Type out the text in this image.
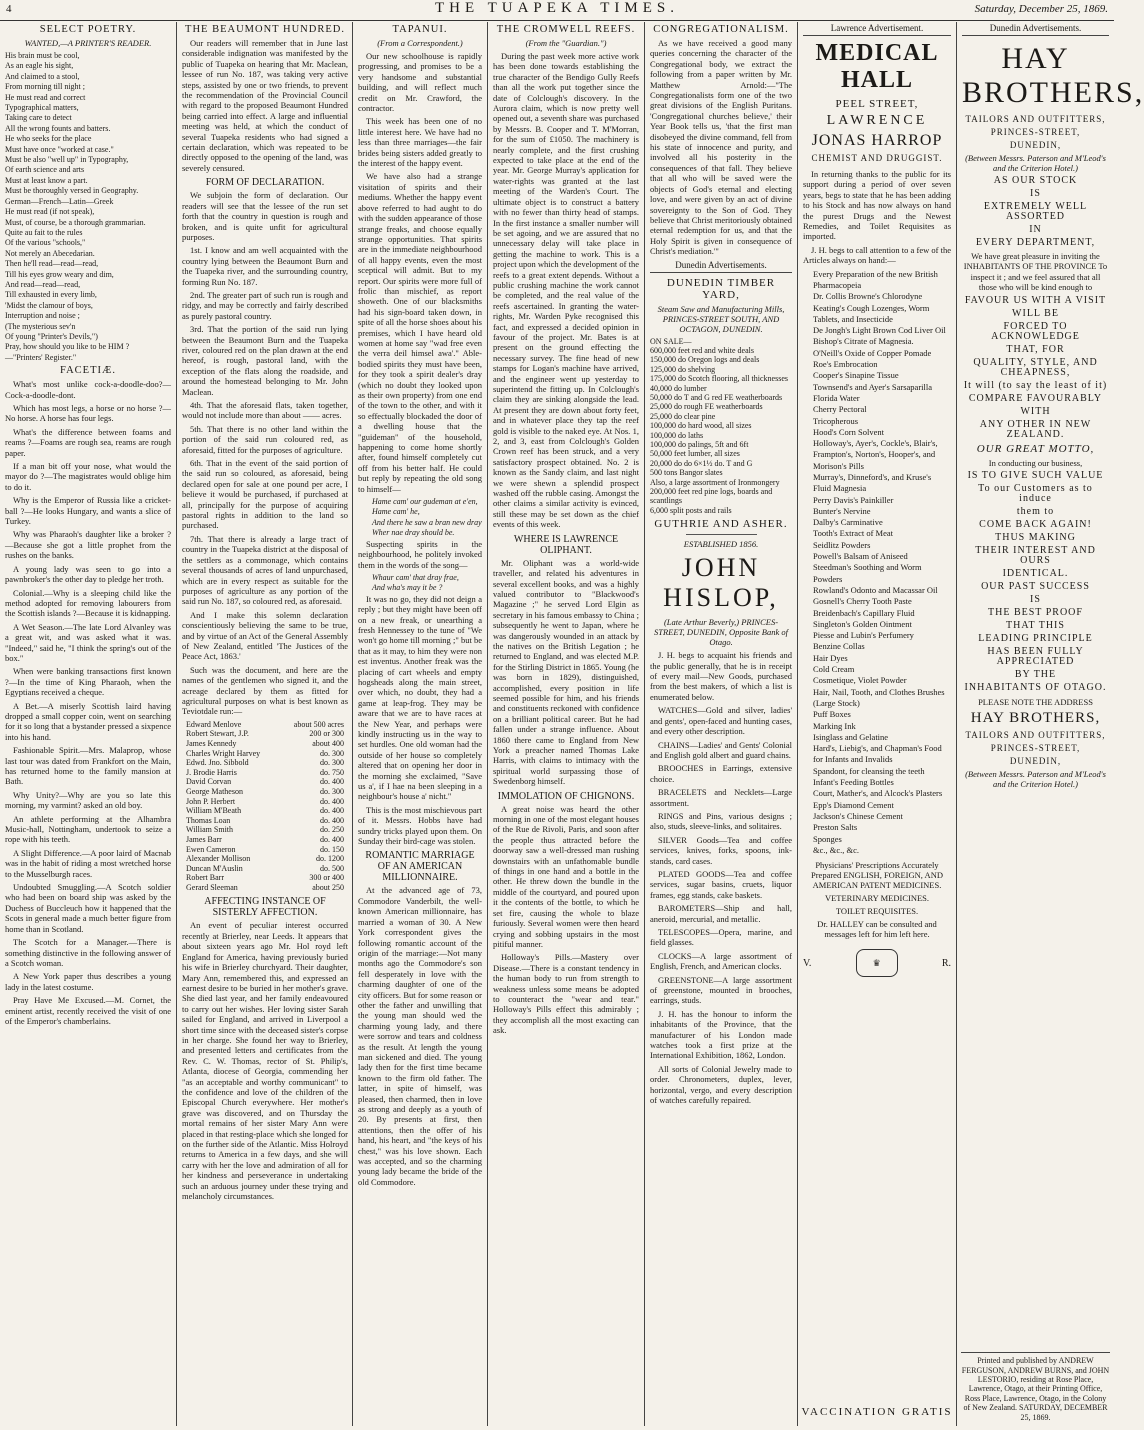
4	THE TUAPEKA TIMES.	Saturday, December 25, 1869.
SELECT POETRY.
WANTED,—A PRINTER'S READER.
His brain must be cool,
As an eagle his sight,
And claimed to a stool,
From morning till night ;
He must read and correct
Typographical matters,
Taking care to detect
All the wrong founts and batters.
He who seeks for the place
Must have once "worked at case."
Must be also "well up" in Typography,
Of earth science and arts
Must at least know a part.
Must be thoroughly versed in Geography.
German—French—Latin—Greek
He must read (if not speak),
Must, of course, be a thorough grammarian.
Quite au fait to the rules
Of the various "schools,"
Not merely an Abecedarian.
Then he'll read—read—read,
Till his eyes grow weary and dim,
And read—read—read,
Till exhausted in every limb,
'Midst the clamour of boys,
Interruption and noise ;
(The mysterious sev'n
Of young "Printer's Devils,")
Pray, how should you like to be HIM ?
—"Printers' Register."
FACETIÆ.

What's most unlike cock-a-doodle-doo?—Cock-a-doodle-dont.

Which has most legs, a horse or no horse ?—No horse. A horse has four legs.

What's the difference between foams and reams ?—Foams are rough sea, reams are rough paper.

If a man bit off your nose, what would the mayor do ?—The magistrates would oblige him to do it.

Why is the Emperor of Russia like a cricket-ball ?—He looks Hungary, and wants a slice of Turkey.

Why was Pharaoh's daughter like a broker ?—Because she got a little prophet from the rushes on the banks.

A young lady was seen to go into a pawnbroker's the other day to pledge her troth.

Colonial.—Why is a sleeping child like the method adopted for removing labourers from the Scottish islands ?—Because it is kidnapping.

A Wet Season.—The late Lord Alvanley was a great wit, and was asked what it was. "Indeed," said he, "I think the spring's out of the box."

When were banking transactions first known ?—In the time of King Pharaoh, when the Egyptians received a cheque.

A Bet.—A miserly Scottish laird having dropped a small copper coin, went on searching for it so long that a bystander pressed a sixpence into his hand.

Fashionable Spirit.—Mrs. Malaprop, whose last tour was dated from Frankfort on the Main, has returned home to the family mansion at Bath.

Why Unity?—Why are you so late this morning, my varmint? asked an old boy.

An athlete performing at the Alhambra Music-hall, Nottingham, undertook to seize a rope with his teeth.

A Slight Difference.—A poor laird of Macnab was in the habit of riding a most wretched horse to the Musselburgh races.

Undoubted Smuggling.—A Scotch soldier who had been on board ship was asked by the Duchess of Buccleuch how it happened that the Scots in general made a much better figure from home than in Scotland.

The Scotch for a Manager.—There is something distinctive in the following answer of a Scotch woman.

A New York paper thus describes a young lady in the latest costume.

Pray Have Me Excused.—M. Cornet, the eminent artist, recently received the visit of one of the Emperor's chamberlains.

THE BEAUMONT HUNDRED.

Our readers will remember that in June last considerable indignation was manifested by the public of Tuapeka on hearing that Mr. Maclean, lessee of run No. 187, was taking very active steps, assisted by one or two friends, to prevent the recommendation of the Provincial Council with regard to the proposed Beaumont Hundred being carried into effect. A large and influential meeting was held, at which the conduct of several Tuapeka residents who had signed a certain declaration, which was repeated to be directly opposed to the opening of the land, was severely censured.

FORM OF DECLARATION.

We subjoin the form of declaration. Our readers will see that the lessee of the run set forth that the country in question is rough and broken, and is quite unfit for agricultural purposes.

1st. I know and am well acquainted with the country lying between the Beaumont Burn and the Tuapeka river, and the surrounding country, forming Run No. 187.

2nd. The greater part of such run is rough and ridgy, and may be correctly and fairly described as purely pastoral country.

3rd. That the portion of the said run lying between the Beaumont Burn and the Tuapeka river, coloured red on the plan drawn at the end hereof, is rough, pastoral land, with the exception of the flats along the roadside, and around the homestead belonging to Mr. John Maclean.

4th. That the aforesaid flats, taken together, would not include more than about —— acres.

5th. That there is no other land within the portion of the said run coloured red, as aforesaid, fitted for the purposes of agriculture.

6th. That in the event of the said portion of the said run so coloured, as aforesaid, being declared open for sale at one pound per acre, I believe it would be purchased, if purchased at all, principally for the purpose of acquiring pastoral rights in addition to the land so purchased.

7th. That there is already a large tract of country in the Tuapeka district at the disposal of the settlers as a commonage, which contains several thousands of acres of land unpurchased, which are in every respect as suitable for the purposes of agriculture as any portion of the said run No. 187, so coloured red, as aforesaid.

And I make this solemn declaration conscientiously believing the same to be true, and by virtue of an Act of the General Assembly of New Zealand, entitled 'The Justices of the Peace Act, 1863.'

Such was the document, and here are the names of the gentlemen who signed it, and the acreage declared by them as fitted for agricultural purposes on what is best known as Teviotdale run:—

Edward Menlove	about 500 acres
Robert Stewart, J.P.	200 or 300
James Kennedy	about 400
Charles Wright Harvey	do. 300
Edwd. Jno. Sibbold	do. 300
J. Brodie Harris	do. 750
David Corvan	do. 400
George Matheson	do. 300
John P. Herbert	do. 400
William M'Beath	do. 400
Thomas Loan	do. 400
William Smith	do. 250
James Barr	do. 400
Ewen Cameron	do. 150
Alexander Mollison	do. 1200
Duncan M'Auslin	do. 500
Robert Barr	300 or 400
Gerard Sleeman	about 250
AFFECTING INSTANCE OF SISTERLY AFFECTION.

An event of peculiar interest occurred recently at Brierley, near Leeds. It appears that about sixteen years ago Mr. Hol royd left England for America, having previously buried his wife in Brierley churchyard. Their daughter, Mary Ann, remembered this, and expressed an earnest desire to be buried in her mother's grave. She died last year, and her family endeavoured to carry out her wishes. Her loving sister Sarah sailed for England, and arrived in Liverpool a short time since with the deceased sister's corpse in her charge. She found her way to Brierley, and presented letters and certificates from the Rev. C. W. Thomas, rector of St. Philip's, Atlanta, diocese of Georgia, commending her "as an acceptable and worthy communicant" to the confidence and love of the children of the Episcopal Church everywhere. Her mother's grave was discovered, and on Thursday the mortal remains of her sister Mary Ann were placed in that resting-place which she longed for on the further side of the Atlantic. Miss Holroyd returns to America in a few days, and she will carry with her the love and admiration of all for her kindness and perseverance in undertaking such an arduous journey under these trying and melancholy circumstances.

TAPANUI.
(From a Correspondent.)

Our new schoolhouse is rapidly progressing, and promises to be a very handsome and substantial building, and will reflect much credit on Mr. Crawford, the contractor.

This week has been one of no little interest here. We have had no less than three marriages—the fair brides being sisters added greatly to the interest of the happy event.

We have also had a strange visitation of spirits and their mediums. Whether the happy event above referred to had aught to do with the sudden appearance of those strange freaks, and choose equally strange opportunities. That spirits are in the immediate neighbourhood of all happy events, even the most sceptical will admit. But to my report. Our spirits were more full of frolic than mischief, as report showeth. One of our blacksmiths had his sign-board taken down, in spite of all the horse shoes about his premises, which I have heard old women at home say "wad free even the verra deil himsel awa'." Able-bodied spirits they must have been, for they took a spirit dealer's dray (which no doubt they looked upon as their own property) from one end of the town to the other, and with it so effectually blockaded the door of a dwelling house that the "guideman" of the household, happening to come home shortly after, found himself completely cut off from his better half. He could but reply by repeating the old song to himself—

Hame cam' our gudeman at e'en,
Hame cam' he,
And there he saw a bran new dray
Wher nae dray should be.

Suspecting spirits in the neighbourhood, he politely invoked them in the words of the song—

Whaur cam' that dray frae,
And wha's may it be ?

It was no go, they did not deign a reply ; but they might have been off on a new freak, or unearthing a fresh Hennessey to the tune of "We won't go home till morning ;" but be that as it may, to him they were non est inventus. Another freak was the placing of cart wheels and empty hogsheads along the main street, over which, no doubt, they had a game at leap-frog. They may be aware that we are to have races at the New Year, and perhaps were kindly instructing us in the way to set hurdles. One old woman had the outside of her house so completely altered that on opening her door in the morning she exclaimed, "Save us a', if I hae na been sleeping in a neighbour's house a' nicht."

This is the most mischievous part of it. Messrs. Hobbs have had sundry tricks played upon them. On Sunday their bird-cage was stolen.

ROMANTIC MARRIAGE OF AN AMERICAN MILLIONNAIRE.

At the advanced age of 73, Commodore Vanderbilt, the well-known American millionnaire, has married a woman of 30. A New York correspondent gives the following romantic account of the origin of the marriage:—Not many months ago the Commodore's son fell desperately in love with the charming daughter of one of the city officers. But for some reason or other the father and unwilling that the young man should wed the charming young lady, and there were sorrow and tears and coldness as the result. At length the young man sickened and died. The young lady then for the first time became known to the firm old father. The latter, in spite of himself, was pleased, then charmed, then in love as strong and deeply as a youth of 20. By presents at first, then attentions, then the offer of his hand, his heart, and "the keys of his chest," was his love shown. Each was accepted, and so the charming young lady became the bride of the old Commodore.

THE CROMWELL REEFS.
(From the "Guardian.")

During the past week more active work has been done towards establishing the true character of the Bendigo Gully Reefs than all the work put together since the date of Colclough's discovery. In the Aurora claim, which is now pretty well opened out, a seventh share was purchased by Messrs. B. Cooper and T. M'Morran, for the sum of £1050. The machinery is nearly complete, and the first crushing expected to take place at the end of the year. Mr. George Murray's application for water-rights was granted at the last meeting of the Warden's Court. The ultimate object is to construct a battery with no fewer than thirty head of stamps. In the first instance a smaller number will be set agoing, and we are assured that no unnecessary delay will take place in getting the machine to work. This is a project upon which the development of the reefs to a great extent depends. Without a public crushing machine the work cannot be completed, and the real value of the reefs ascertained. In granting the water-rights, Mr. Warden Pyke recognised this fact, and expressed a decided opinion in favour of the project. Mr. Bates is at present on the ground effecting the necessary survey. The fine head of new stamps for Logan's machine have arrived, and the engineer went up yesterday to superintend the fitting up. In Colclough's claim they are sinking alongside the lead. At present they are down about forty feet, and in whatever place they tap the reef gold is visible to the naked eye. At Nos. 1, 2, and 3, east from Colclough's Golden Crown reef has been struck, and a very satisfactory prospect obtained. No. 2 is known as the Sandy claim, and last night we were shewn a splendid prospect washed off the rubble casing. Amongst the other claims a similar activity is evinced, still these may be set down as the chief events of this week.

WHERE IS LAWRENCE OLIPHANT.

Mr. Oliphant was a world-wide traveller, and related his adventures in several excellent books, and was a highly valued contributor to "Blackwood's Magazine ;" he served Lord Elgin as secretary in his famous embassy to China ; subsequently he went to Japan, where he was dangerously wounded in an attack by the natives on the British Legation ; he returned to England, and was elected M.P. for the Stirling District in 1865. Young (he was born in 1829), distinguished, accomplished, every position in life seemed possible for him, and his friends and constituents reckoned with confidence on a brilliant political career. But he had fallen under a strange influence. About 1860 there came to England from New York a preacher named Thomas Lake Harris, with claims to intimacy with the spiritual world surpassing those of Swedenborg himself.

IMMOLATION OF CHIGNONS.

A great noise was heard the other morning in one of the most elegant houses of the Rue de Rivoli, Paris, and soon after the people thus attracted before the doorway saw a well-dressed man rushing downstairs with an unfathomable bundle of things in one hand and a bottle in the other. He threw down the bundle in the middle of the courtyard, and poured upon it the contents of the bottle, to which he set fire, causing the whole to blaze furiously. Several women were then heard crying and sobbing upstairs in the most pitiful manner.

Holloway's Pills.—Mastery over Disease.—There is a constant tendency in the human body to run from strength to weakness unless some means be adopted to counteract the "wear and tear." Holloway's Pills effect this admirably ; they accomplish all the most exacting can ask.

CONGREGATIONALISM.

As we have received a good many queries concerning the character of the Congregational body, we extract the following from a paper written by Mr. Matthew Arnold:—"The Congregationalists form one of the two great divisions of the English Puritans. 'Congregational churches believe,' their Year Book tells us, 'that the first man disobeyed the divine command, fell from his state of innocence and purity, and involved all his posterity in the consequences of that fall. They believe that all who will be saved were the objects of God's eternal and electing love, and were given by an act of divine sovereignty to the Son of God. They believe that Christ meritoriously obtained eternal redemption for us, and that the Holy Spirit is given in consequence of Christ's mediation.'"

Dunedin Advertisements.
DUNEDIN TIMBER YARD,
Steam Saw and Manufacturing Mills, PRINCES-STREET SOUTH, AND OCTAGON, DUNEDIN.
ON SALE—
600,000 feet red and white deals
150,000 do Oregon logs and deals
125,000 do shelving
175,000 do Scotch flooring, all thicknesses
40,000 do lumber
50,000 do T and G red FE weatherboards
25,000 do rough FE weatherboards
25,000 do clear pine
100,000 do hard wood, all sizes
100,000 do laths
100,000 do palings, 5ft and 6ft
50,000 feet lumber, all sizes
20,000 do do 6×1½ do. T and G
500 tons Bangor slates
Also, a large assortment of Ironmongery
200,000 feet red pine logs, boards and scantlings
6,000 split posts and rails
GUTHRIE AND ASHER.
ESTABLISHED 1856.
JOHN HISLOP,
(Late Arthur Beverly,) PRINCES-STREET, DUNEDIN, Opposite Bank of Otago.

J. H. begs to acquaint his friends and the public generally, that he is in receipt of every mail—New Goods, purchased from the best makers, of which a list is enumerated below.

WATCHES—Gold and silver, ladies' and gents', open-faced and hunting cases, and every other description.

CHAINS—Ladies' and Gents' Colonial and English gold albert and guard chains.

BROOCHES in Earrings, extensive choice.

BRACELETS and Necklets—Large assortment.

RINGS and Pins, various designs ; also, studs, sleeve-links, and solitaires.

SILVER Goods—Tea and coffee services, knives, forks, spoons, ink-stands, card cases.

PLATED GOODS—Tea and coffee services, sugar basins, cruets, liquor frames, egg stands, cake baskets.

BAROMETERS—Ship and hall, aneroid, mercurial, and metallic.

TELESCOPES—Opera, marine, and field glasses.

CLOCKS—A large assortment of English, French, and American clocks.

GREENSTONE—A large assortment of greenstone, mounted in brooches, earrings, studs.

J. H. has the honour to inform the inhabitants of the Province, that the manufacturer of his London made watches took a first prize at the International Exhibition, 1862, London.

All sorts of Colonial Jewelry made to order. Chronometers, duplex, lever, horizontal, vergo, and every description of watches carefully repaired.

Lawrence Advertisement.
MEDICAL HALL
PEEL STREET,
LAWRENCE
JONAS HARROP
CHEMIST AND DRUGGIST.

In returning thanks to the public for its support during a period of over seven years, begs to state that he has been adding to his Stock and has now always on hand the purest Drugs and the Newest Remedies, and Toilet Requisites as imported.

J. H. begs to call attention to a few of the Articles always on hand:—

Every Preparation of the new British Pharmacopeia
Dr. Collis Browne's Chlorodyne
Keating's Cough Lozenges, Worm Tablets, and Insecticide
De Jongh's Light Brown Cod Liver Oil
Bishop's Citrate of Magnesia.
O'Neill's Oxide of Copper Pomade
Roe's Embrocation
Cooper's Sinapine Tissue
Townsend's and Ayer's Sarsaparilla
Florida Water
Cherry Pectoral
Tricopherous
Hood's Corn Solvent
Holloway's, Ayer's, Cockle's, Blair's, Frampton's, Norton's, Hooper's, and Morison's Pills
Murray's, Dinneford's, and Kruse's Fluid Magnesia
Perry Davis's Painkiller
Bunter's Nervine
Dalby's Carminative
Tooth's Extract of Meat
Seidlitz Powders
Powell's Balsam of Aniseed
Steedman's Soothing and Worm Powders
Rowland's Odonto and Macassar Oil
Gosnell's Cherry Tooth Paste
Breidenbach's Capillary Fluid
Singleton's Golden Ointment
Piesse and Lubin's Perfumery
Benzine Collas
Hair Dyes
Cold Cream
Cosmetique, Violet Powder
Hair, Nail, Tooth, and Clothes Brushes (Large Stock)
Puff Boxes
Marking Ink
Isinglass and Gelatine
Hard's, Liebig's, and Chapman's Food for Infants and Invalids
Spandont, for cleansing the teeth
Infant's Feeding Bottles
Court, Mather's, and Alcock's Plasters
Epp's Diamond Cement
Jackson's Chinese Cement
Preston Salts
Sponges
&c., &c., &c.
Physicians' Prescriptions Accurately Prepared ENGLISH, FOREIGN, AND AMERICAN PATENT MEDICINES.
VETERINARY MEDICINES.
TOILET REQUISITES.
Dr. HALLEY can be consulted and messages left for him left here.
V.	♛	R.
VACCINATION GRATIS
Dunedin Advertisements.
HAY BROTHERS,
TAILORS AND OUTFITTERS,
PRINCES-STREET,
DUNEDIN,
(Between Messrs. Paterson and M'Leod's and the Criterion Hotel.)
AS OUR STOCK
IS
EXTREMELY WELL ASSORTED
IN
EVERY DEPARTMENT,

We have great pleasure in inviting the INHABITANTS OF THE PROVINCE To inspect it ; and we feel assured that all those who will be kind enough to

FAVOUR US WITH A VISIT
WILL BE
FORCED TO ACKNOWLEDGE
THAT, FOR
QUALITY, STYLE, AND CHEAPNESS,
It will (to say the least of it)
COMPARE FAVOURABLY
WITH
ANY OTHER IN NEW ZEALAND.
OUR GREAT MOTTO,
In conducting our business,
IS TO GIVE SUCH VALUE
To our Customers as to induce
them to
COME BACK AGAIN!
THUS MAKING
THEIR INTEREST AND OURS
IDENTICAL.
OUR PAST SUCCESS
IS
THE BEST PROOF
THAT THIS
LEADING PRINCIPLE
HAS BEEN FULLY APPRECIATED
BY THE
INHABITANTS OF OTAGO.
PLEASE NOTE THE ADDRESS
HAY BROTHERS,
TAILORS AND OUTFITTERS,
PRINCES-STREET,
DUNEDIN,
(Between Messrs. Paterson and M'Leod's and the Criterion Hotel.)
Printed and published by ANDREW FERGUSON, ANDREW BURNS, and JOHN LESTORIO, residing at Rose Place, Lawrence, Otago, at their Printing Office, Ross Place, Lawrence, Otago, in the Colony of New Zealand. SATURDAY, DECEMBER 25, 1869.
